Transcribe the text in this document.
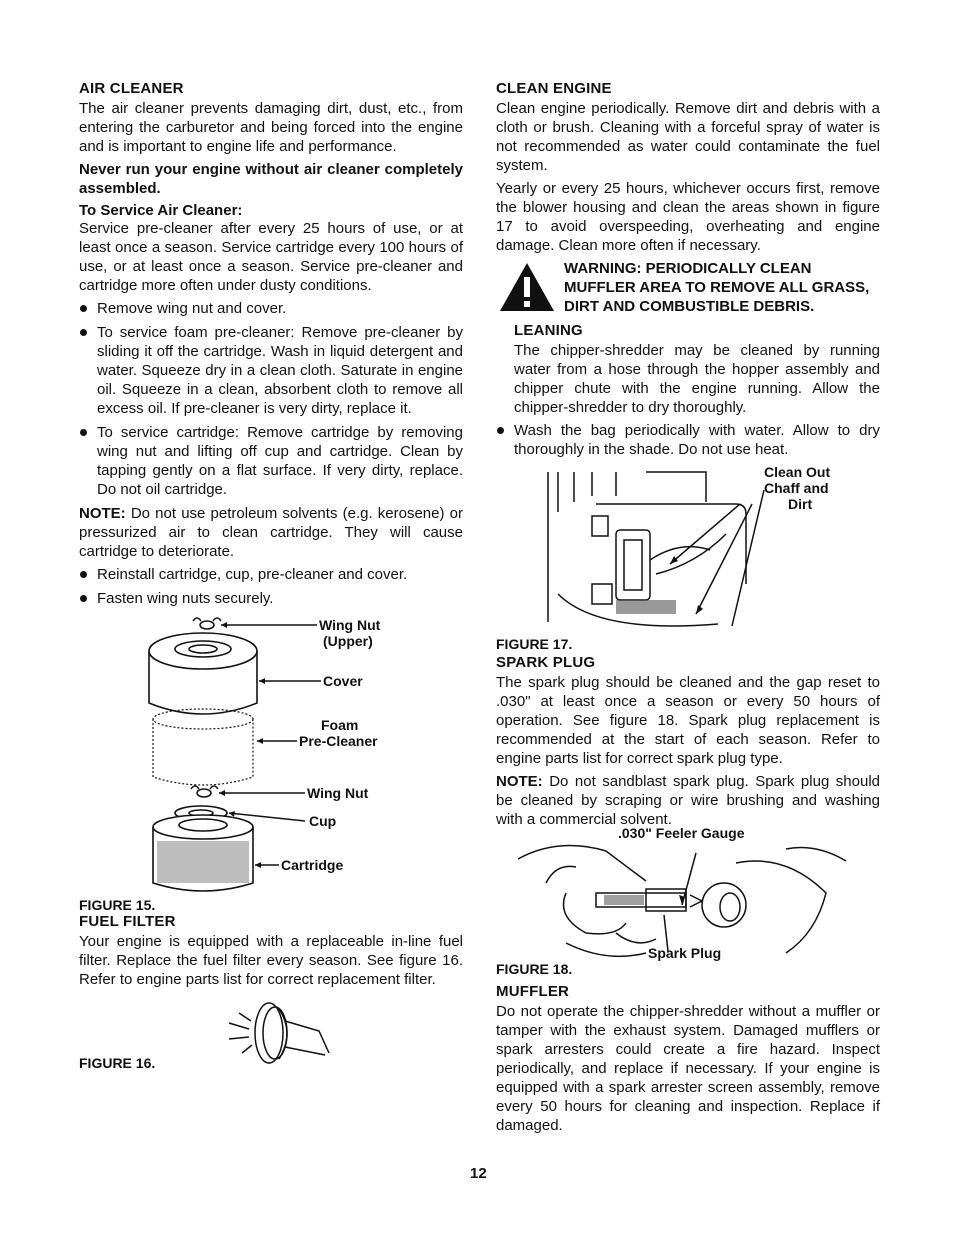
AIR CLEANER

The air cleaner prevents damaging dirt, dust, etc., from entering the carburetor and being forced into the engine and is important to engine life and performance.

Never run your engine without air cleaner completely assembled.

To Service Air Cleaner:

Service pre-cleaner after every 25 hours of use, or at least once a season. Service cartridge every 100 hours of use, or at least once a season. Service pre-cleaner and cartridge more often under dusty conditions.

Remove wing nut and cover.
To service foam pre-cleaner: Remove pre-cleaner by sliding it off the cartridge. Wash in liquid detergent and water. Squeeze dry in a clean cloth. Saturate in engine oil. Squeeze in a clean, absorbent cloth to remove all excess oil. If pre-cleaner is very dirty, replace it.
To service cartridge: Remove cartridge by removing wing nut and lifting off cup and cartridge. Clean by tapping gently on a flat surface. If very dirty, replace. Do not oil cartridge.

NOTE: Do not use petroleum solvents (e.g. kerosene) or pressurized air to clean cartridge. They will cause cartridge to deteriorate.

Reinstall cartridge, cup, pre-cleaner and cover.
Fasten wing nuts securely.
Wing Nut
(Upper)
Cover
Foam
Pre-Cleaner
Wing Nut
Cup
Cartridge
FIGURE 15.
FUEL FILTER

Your engine is equipped with a replaceable in-line fuel filter. Replace the fuel filter every season. See figure 16. Refer to engine parts list for correct replacement filter.

FIGURE 16.
CLEAN ENGINE

Clean engine periodically. Remove dirt and debris with a cloth or brush. Cleaning with a forceful spray of water is not recommended as water could contaminate the fuel system.

Yearly or every 25 hours, whichever occurs first, remove the blower housing and clean the areas shown in figure 17 to avoid overspeeding, overheating and engine damage. Clean more often if necessary.

WARNING: PERIODICALLY CLEAN MUFFLER AREA TO REMOVE ALL GRASS, DIRT AND COMBUSTIBLE DEBRIS.
LEANING

The chipper-shredder may be cleaned by running water from a hose through the hopper assembly and chipper chute with the engine running. Allow the chipper-shredder to dry thoroughly.

Wash the bag periodically with water. Allow to dry thoroughly in the shade. Do not use heat.
Clean Out
Chaff and
Dirt
FIGURE 17.
SPARK PLUG

The spark plug should be cleaned and the gap reset to .030" at least once a season or every 50 hours of operation. See figure 18. Spark plug replacement is recommended at the start of each season. Refer to engine parts list for correct spark plug type.

NOTE: Do not sandblast spark plug. Spark plug should be cleaned by scraping or wire brushing and washing with a commercial solvent.

.030" Feeler Gauge
Spark Plug
FIGURE 18.
MUFFLER

Do not operate the chipper-shredder without a muffler or tamper with the exhaust system. Damaged mufflers or spark arresters could create a fire hazard. Inspect periodically, and replace if necessary. If your engine is equipped with a spark arrester screen assembly, remove every 50 hours for cleaning and inspection. Replace if damaged.

12
